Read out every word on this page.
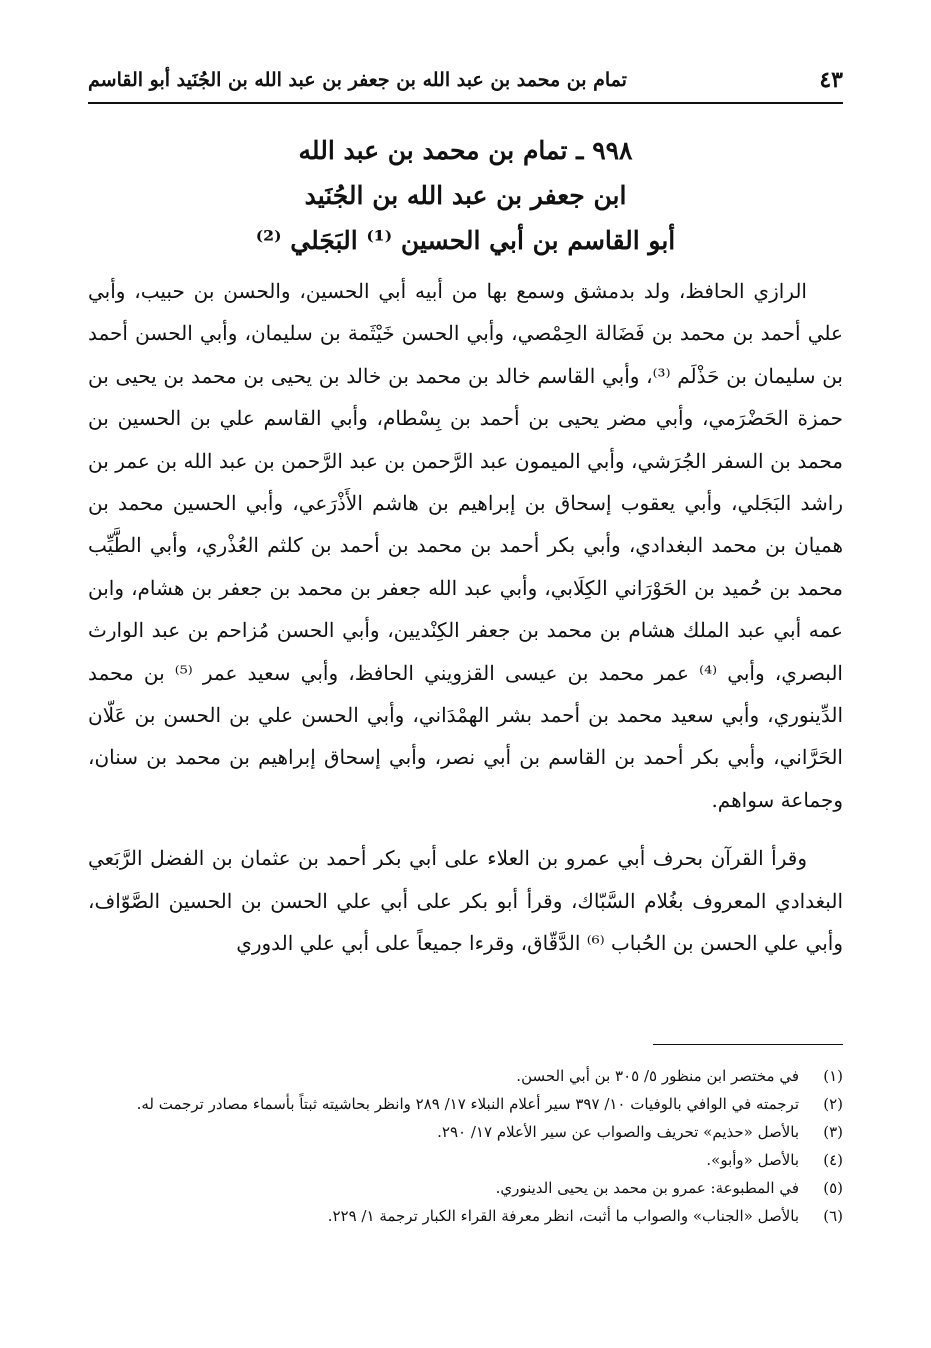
تمام بن محمد بن عبد الله بن جعفر بن عبد الله بن الجُنَيد أبو القاسم	٤٣
٩٩٨ ـ تمام بن محمد بن عبد الله
ابن جعفر بن عبد الله بن الجُنَيد
أبو القاسم بن أبي الحسين ⁽¹⁾ البَجَلي ⁽²⁾

الرازي الحافظ، ولد بدمشق وسمع بها من أبيه أبي الحسين، والحسن بن حبيب، وأبي علي أحمد بن محمد بن فَضَالة الحِمْصي، وأبي الحسن خَيْثَمة بن سليمان، وأبي الحسن أحمد بن سليمان بن حَذْلَم ⁽³⁾، وأبي القاسم خالد بن محمد بن خالد بن يحيى بن محمد بن يحيى بن حمزة الحَضْرَمي، وأبي مضر يحيى بن أحمد بن بِسْطام، وأبي القاسم علي بن الحسين بن محمد بن السفر الجُرَشي، وأبي الميمون عبد الرَّحمن بن عبد الرَّحمن بن عبد الله بن عمر بن راشد البَجَلي، وأبي يعقوب إسحاق بن إبراهيم بن هاشم الأَذْرَعي، وأبي الحسين محمد بن هميان بن محمد البغدادي، وأبي بكر أحمد بن محمد بن أحمد بن كلثم العُذْري، وأبي الطَّيِّب محمد بن حُميد بن الحَوْرَاني الكِلَابي، وأبي عبد الله جعفر بن محمد بن جعفر بن هشام، وابن عمه أبي عبد الملك هشام بن محمد بن جعفر الكِنْديين، وأبي الحسن مُزاحم بن عبد الوارث البصري، وأبي ⁽⁴⁾ عمر محمد بن عيسى القزويني الحافظ، وأبي سعيد عمر ⁽⁵⁾ بن محمد الدِّينوري، وأبي سعيد محمد بن أحمد بشر الهمْدَاني، وأبي الحسن علي بن الحسن بن عَلّان الحَرَّاني، وأبي بكر أحمد بن القاسم بن أبي نصر، وأبي إسحاق إبراهيم بن محمد بن سنان، وجماعة سواهم.

وقرأ القرآن بحرف أبي عمرو بن العلاء على أبي بكر أحمد بن عثمان بن الفضل الرَّبَعي البغدادي المعروف بغُلام السَّبّاك، وقرأ أبو بكر على أبي علي الحسن بن الحسين الصَّوّاف، وأبي علي الحسن بن الحُباب ⁽⁶⁾ الدَّقّاق، وقرءا جميعاً على أبي علي الدوري

(١)
في مختصر ابن منظور ٥/ ٣٠٥ بن أبي الحسن.
(٢)
ترجمته في الوافي بالوفيات ١٠/ ٣٩٧ سير أعلام النبلاء ١٧/ ٢٨٩ وانظر بحاشيته ثبتاً بأسماء مصادر ترجمت له.
(٣)
بالأصل «حذيم» تحريف والصواب عن سير الأعلام ١٧/ ٢٩٠.
(٤)
بالأصل «وأبو».
(٥)
في المطبوعة: عمرو بن محمد بن يحيى الدينوري.
(٦)
بالأصل «الجناب» والصواب ما أثبت، انظر معرفة القراء الكبار ترجمة ١/ ٢٢٩.
